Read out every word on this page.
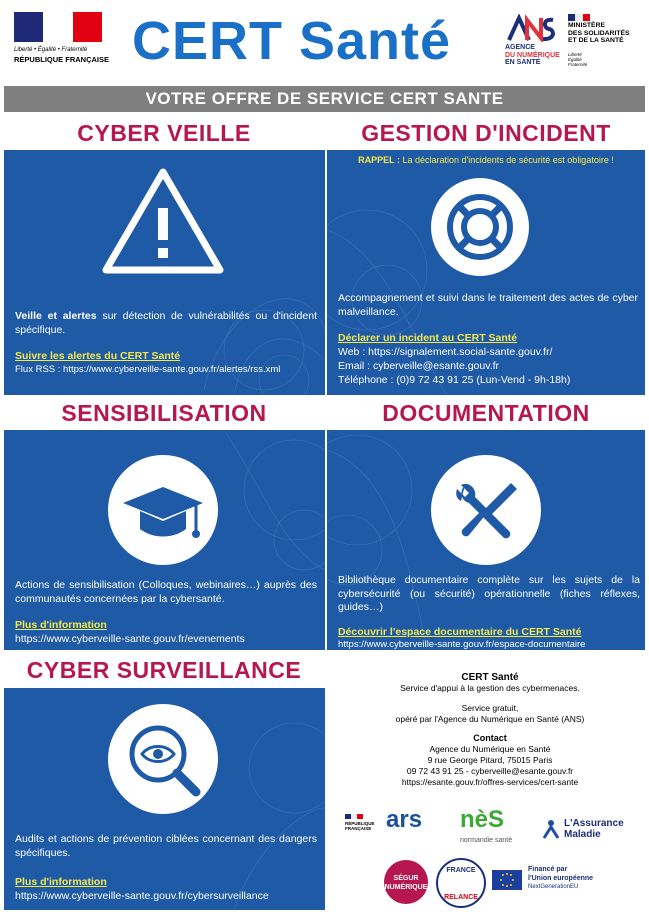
Liberté • Égalité • Fraternité
RÉPUBLIQUE FRANÇAISE CERT Santé	AGENCE
DU NUMÉRIQUE
EN SANTÉ
MINISTÈRE
DES SOLIDARITÉS
ET DE LA SANTÉ
Liberté
Égalité
Fraternité
VOTRE OFFRE DE SERVICE CERT SANTE
CYBER VEILLE	GESTION D'INCIDENT
SENSIBILISATION	DOCUMENTATION
CYBER SURVEILLANCE
Veille et alertes sur détection de vulnérabilités ou d'incident spécifique.
Suivre les alertes du CERT Santé
Flux RSS : https://www.cyberveille-sante.gouv.fr/alertes/rss.xml
RAPPEL : La déclaration d'incidents de sécurité est obligatoire !
Accompagnement et suivi dans le traitement des actes de cyber malveillance.
Déclarer un incident au CERT Santé
Web : https://signalement.social-sante.gouv.fr/
Email : cyberveille@esante.gouv.fr
Téléphone : (0)9 72 43 91 25 (Lun-Vend - 9h-18h)
Actions de sensibilisation (Colloques, webinaires…) auprès des communautés concernées par la cybersanté.
Plus d'information
https://www.cyberveille-sante.gouv.fr/evenements
Bibliothèque documentaire complète sur les sujets de la cybersécurité (ou sécurité) opérationnelle (fiches réflexes, guides…)
Découvrir l'espace documentaire du CERT Santé
https://www.cyberveille-sante.gouv.fr/espace-documentaire
Audits et actions de prévention ciblées concernant des dangers spécifiques.
Plus d'information
https://www.cyberveille-sante.gouv.fr/cybersurveillance
CERT Santé
Service d'appui à la gestion des cybermenaces.
Service gratuit,
opéré par l'Agence du Numérique en Santé (ANS)
Contact
Agence du Numérique en Santé
9 rue George Pitard, 75015 Paris
09 72 43 91 25 - cyberveille@esante.gouv.fr
https://esante.gouv.fr/offres-services/cert-sante
RÉPUBLIQUE FRANÇAISE ars nèS
normandie santé
L'Assurance Maladie
SÉGUR
NUMÉRIQUE
FRANCE
RELANCE
Financé par
l'Union européenne
NextGenerationEU
